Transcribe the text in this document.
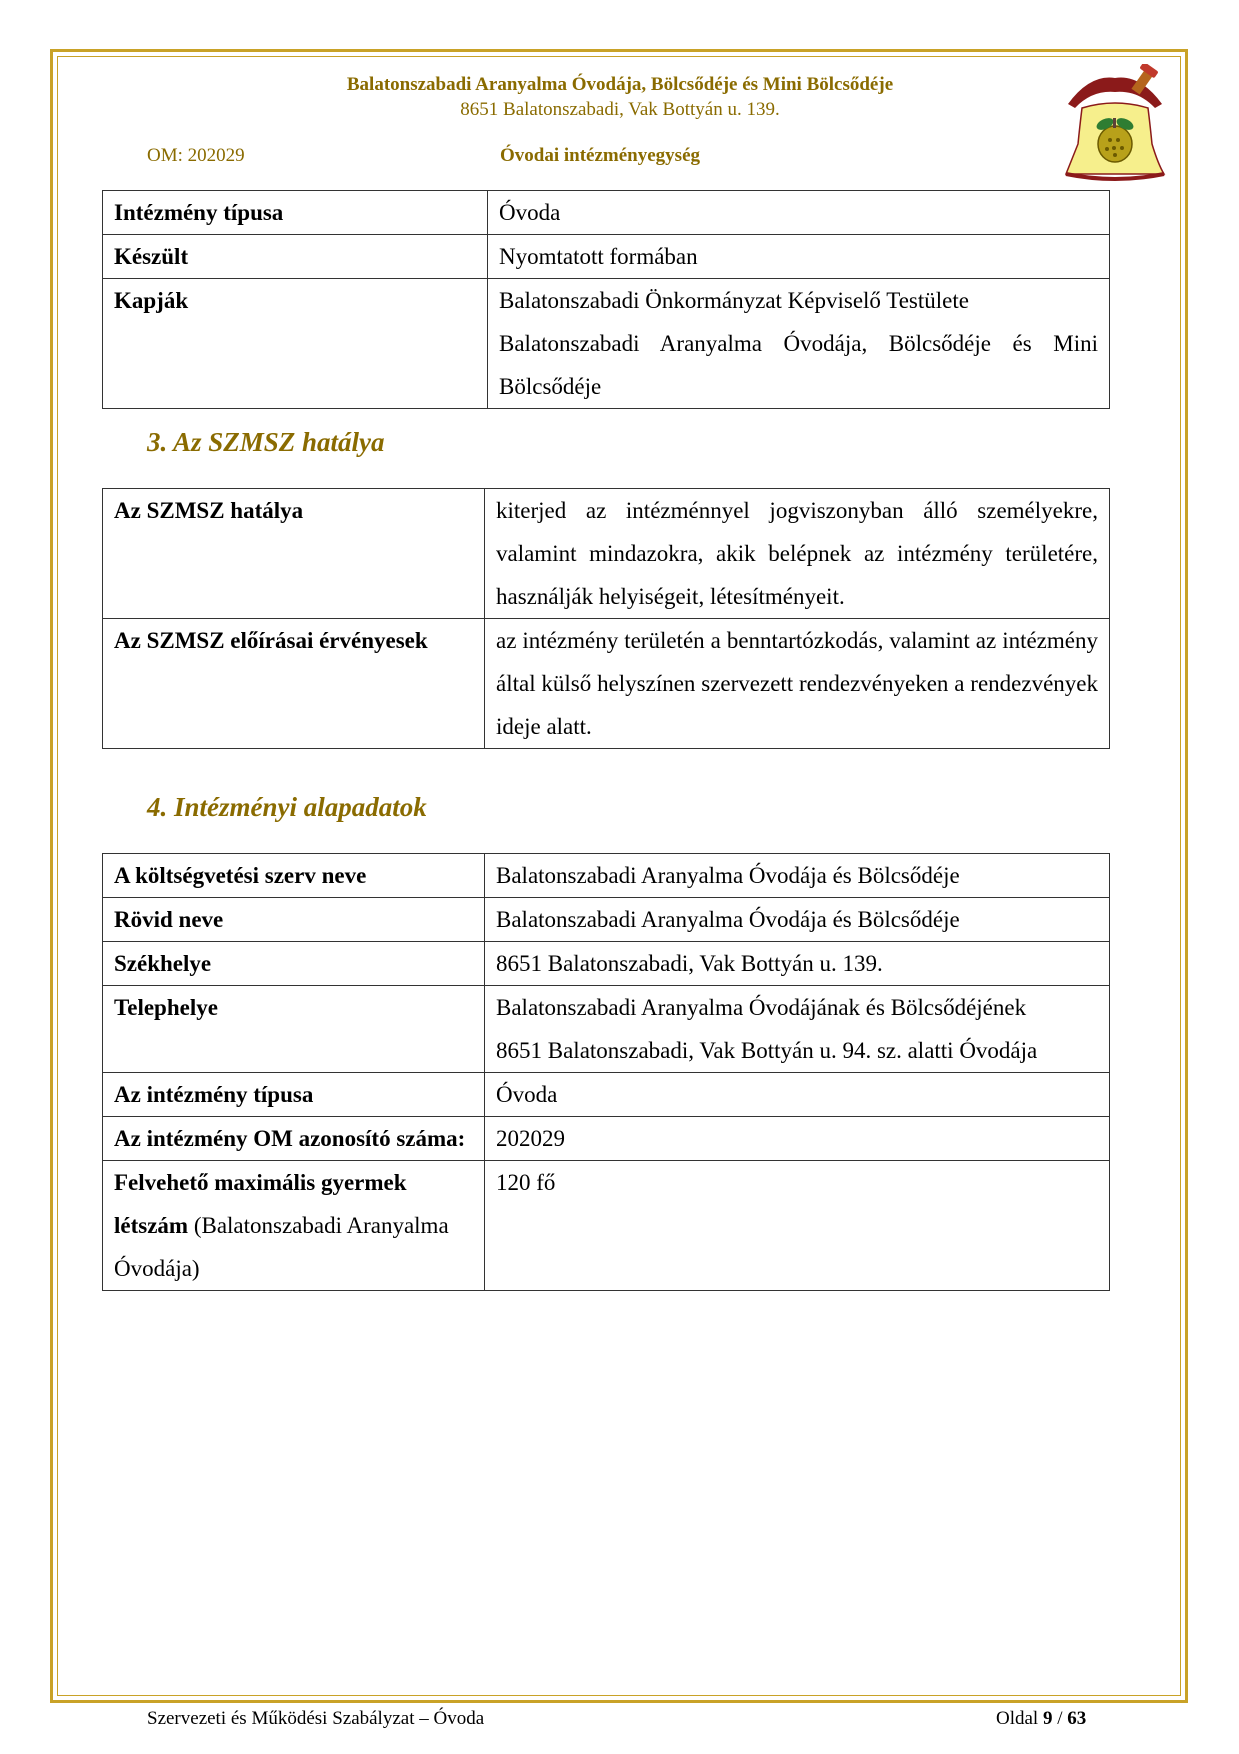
Balatonszabadi Aranyalma Óvodája, Bölcsődéje és Mini Bölcsődéje
8651 Balatonszabadi, Vak Bottyán u. 139.
OM: 202029	Óvodai intézményegység
Intézmény típusa	Óvoda
Készült	Nyomtatott formában
Kapják	Balatonszabadi Önkormányzat Képviselő Testülete
Balatonszabadi Aranyalma Óvodája, Bölcsődéje és Mini
Bölcsődéje
3. Az SZMSZ hatálya
Az SZMSZ hatálya	kiterjed az intézménnyel jogviszonyban álló személyekre, valamint mindazokra, akik belépnek az intézmény területére, használják helyiségeit, létesítményeit.
Az SZMSZ előírásai érvényesek	az intézmény területén a benntartózkodás, valamint az intézmény által külső helyszínen szervezett rendezvényeken a rendezvények ideje alatt.
4. Intézményi alapadatok
A költségvetési szerv neve	Balatonszabadi Aranyalma Óvodája és Bölcsődéje
Rövid neve	Balatonszabadi Aranyalma Óvodája és Bölcsődéje
Székhelye	8651 Balatonszabadi, Vak Bottyán u. 139.
Telephelye	Balatonszabadi Aranyalma Óvodájának és Bölcsődéjének
8651 Balatonszabadi, Vak Bottyán u. 94. sz. alatti Óvodája

Az intézmény típusa	Óvoda
Az intézmény OM azonosító száma:	202029
Felvehető maximális gyermek létszám (Balatonszabadi Aranyalma Óvodája)	120 fő
Szervezeti és Működési Szabályzat – Óvoda	Oldal 9 / 63
